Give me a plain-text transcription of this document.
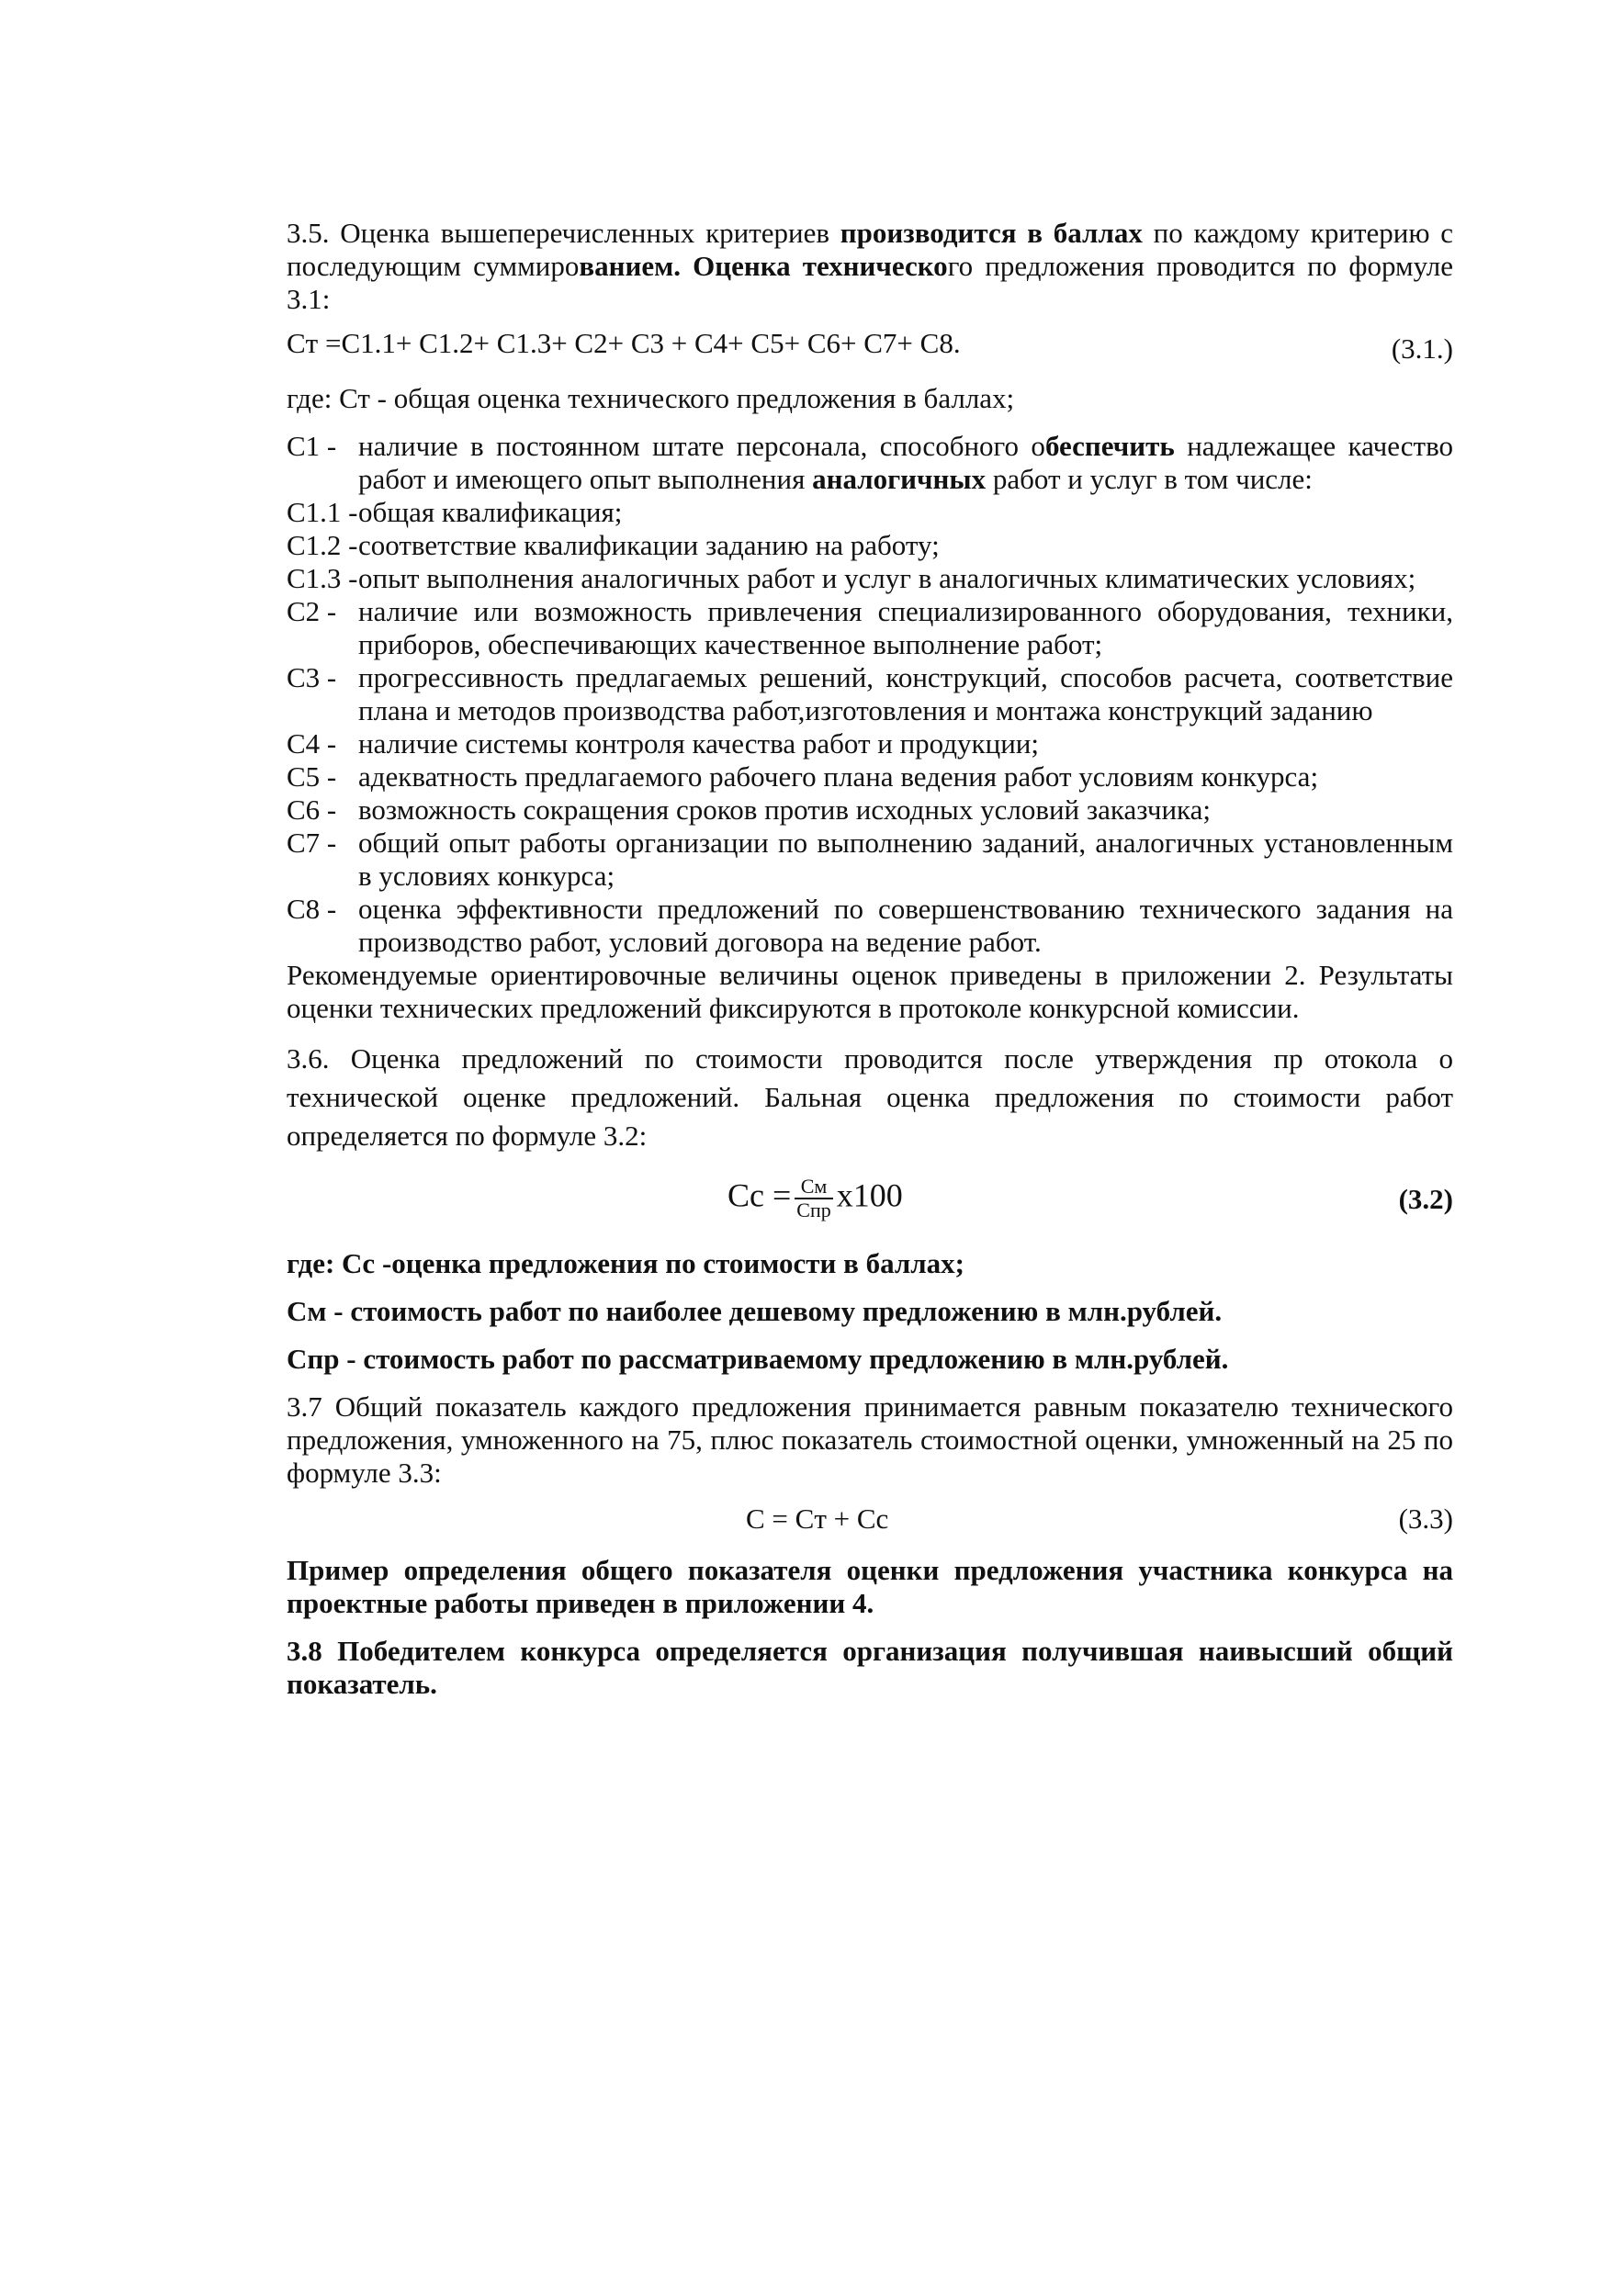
3.5. Оценка вышеперечисленных критериев производится в баллах по каждому критерию с последующим суммированием. Оценка технического предложения проводится по формуле 3.1:

Cт =C1.1+ C1.2+ C1.3+ C2+ C3 + C4+ C5+ C6+ C7+ C8.	(3.1.)

где: Ст - общая оценка технического предложения в баллах;

C1 - наличие в постоянном штате персонала, способного обеспечить надлежащее качество работ и имеющего опыт выполнения аналогичных работ и услуг в том числе:
C1.1 - общая квалификация;
C1.2 - соответствие квалификации заданию на работу;
C1.3 - опыт выполнения аналогичных работ и услуг в аналогичных климатических условиях;
C2 - наличие или возможность привлечения специализированного оборудования, техники, приборов, обеспечивающих качественное выполнение работ;
C3 - прогрессивность предлагаемых решений, конструкций, способов расчета, соответствие плана и методов производства работ,изготовления и монтажа конструкций заданию
C4 - наличие системы контроля качества работ и продукции;
C5 - адекватность предлагаемого рабочего плана ведения работ условиям конкурса;
C6 - возможность сокращения сроков против исходных условий заказчика;
C7 - общий опыт работы организации по выполнению заданий, аналогичных установленным в условиях конкурса;
C8 - оценка эффективности предложений по совершенствованию технического задания на производство работ, условий договора на ведение работ.

Рекомендуемые ориентировочные величины оценок приведены в приложении 2. Результаты оценки технических предложений фиксируются в протоколе конкурсной комиссии.

3.6. Оценка предложений по стоимости проводится после утверждения пр отокола о технической оценке предложений. Бальная оценка предложения по стоимости работ определяется по формуле 3.2:

$Cc = \frac{Cм}{\text{Cпр}} x100$	(3.2)

где: Cc -оценка предложения по стоимости в баллах;

Cм - стоимость работ по наиболее дешевому предложению в млн.рублей.

Cпр - стоимость работ по рассматриваемому предложению в млн.рублей.

3.7 Общий показатель каждого предложения принимается равным показателю технического предложения, умноженного на 75, плюс показатель стоимостной оценки, умноженный на 25 по формуле 3.3:

C = Cт + Cc	(3.3)

Пример определения общего показателя оценки предложения участника конкурса на проектные работы приведен в приложении 4.

3.8 Победителем конкурса определяется организация получившая наивысший общий показатель.
